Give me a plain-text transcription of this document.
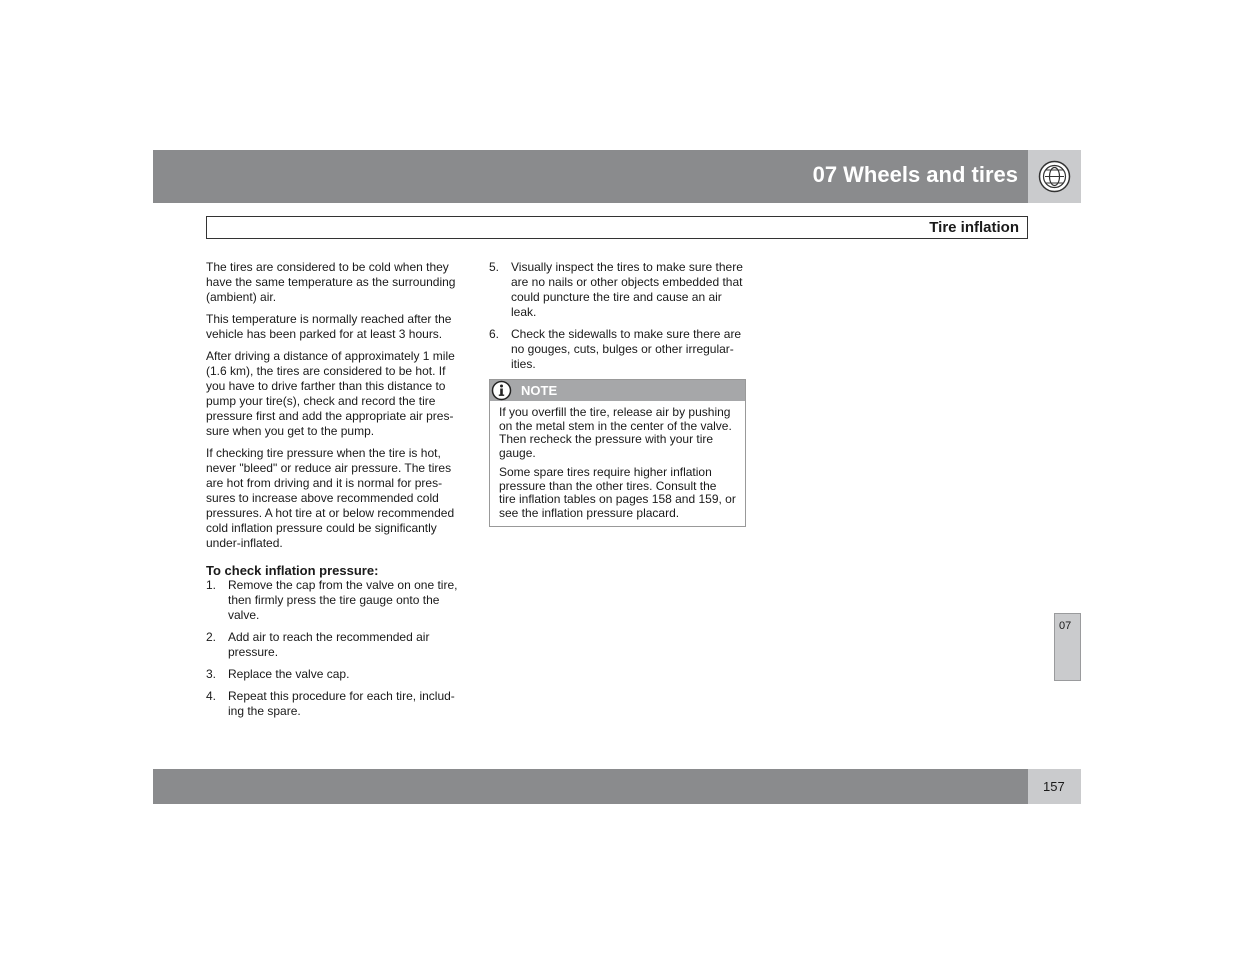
07 Wheels and tires
Tire inflation

The tires are considered to be cold when they have the same temperature as the surrounding (ambient) air.

This temperature is normally reached after the vehicle has been parked for at least 3 hours.

After driving a distance of approximately 1 mile (1.6 km), the tires are considered to be hot. If you have to drive farther than this distance to pump your tire(s), check and record the tire pressure first and add the appropriate air pres-sure when you get to the pump.

If checking tire pressure when the tire is hot, never "bleed" or reduce air pressure. The tires are hot from driving and it is normal for pres-sures to increase above recommended cold pressures. A hot tire at or below recommended cold inflation pressure could be significantly under-inflated.

To check inflation pressure:

1. Remove the cap from the valve on one tire, then firmly press the tire gauge onto the valve.
2. Add air to reach the recommended air pressure.
3. Replace the valve cap.
4. Repeat this procedure for each tire, includ-ing the spare.
5. Visually inspect the tires to make sure there are no nails or other objects embedded that could puncture the tire and cause an air leak.
6. Check the sidewalls to make sure there are no gouges, cuts, bulges or other irregular-ities.
NOTE

If you overfill the tire, release air by pushing on the metal stem in the center of the valve. Then recheck the pressure with your tire gauge.

Some spare tires require higher inflation pressure than the other tires. Consult the tire inflation tables on pages 158 and 159, or see the inflation pressure placard.

07
157
